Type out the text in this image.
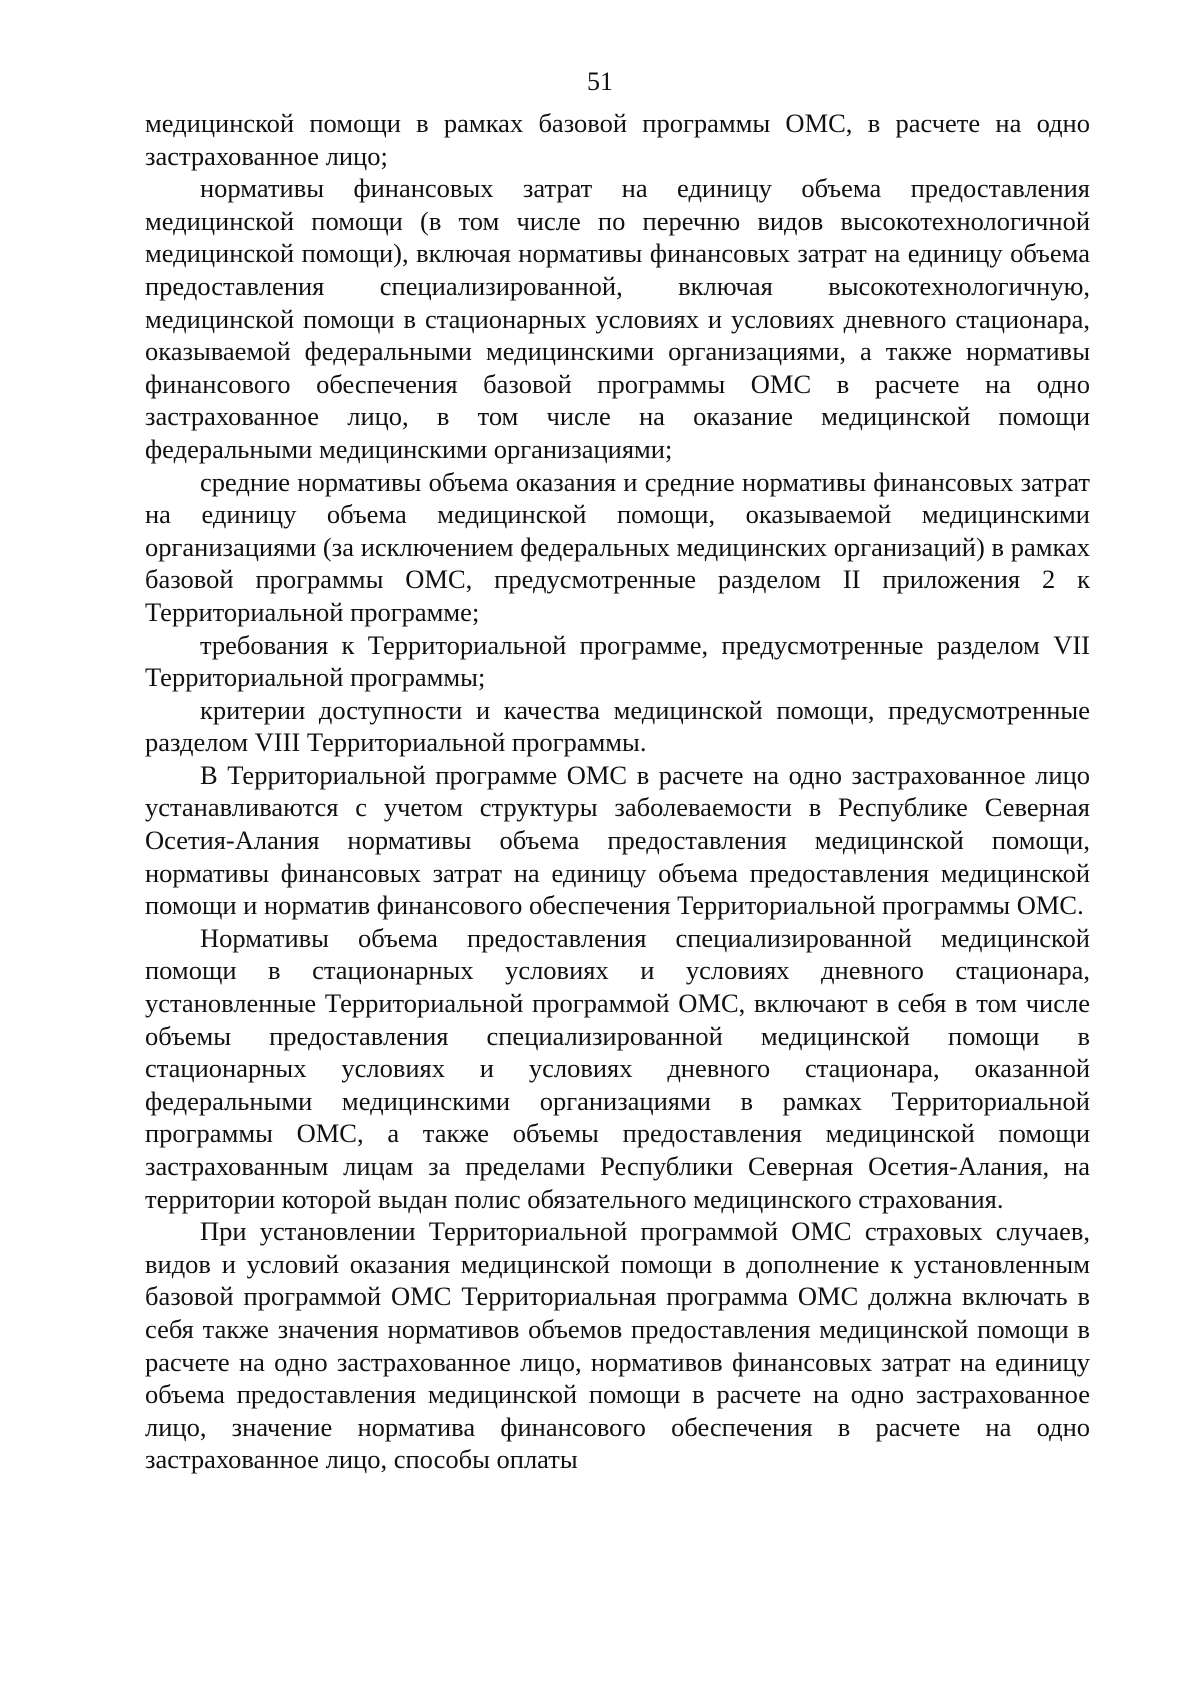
51

медицинской помощи в рамках базовой программы ОМС, в расчете на одно застрахованное лицо;

нормативы финансовых затрат на единицу объема предоставления медицинской помощи (в том числе по перечню видов высокотехнологичной медицинской помощи), включая нормативы финансовых затрат на единицу объема предоставления специализированной, включая высокотехнологичную, медицинской помощи в стационарных условиях и условиях дневного стационара, оказываемой федеральными медицинскими организациями, а также нормативы финансового обеспечения базовой программы ОМС в расчете на одно застрахованное лицо, в том числе на оказание медицинской помощи федеральными медицинскими организациями;

средние нормативы объема оказания и средние нормативы финансовых затрат на единицу объема медицинской помощи, оказываемой медицинскими организациями (за исключением федеральных медицинских организаций) в рамках базовой программы ОМС, предусмотренные разделом II приложения 2 к Территориальной программе;

требования к Территориальной программе, предусмотренные разделом VII Территориальной программы;

критерии доступности и качества медицинской помощи, предусмотренные разделом VIII Территориальной программы.

В Территориальной программе ОМС в расчете на одно застрахованное лицо устанавливаются с учетом структуры заболеваемости в Республике Северная Осетия-Алания нормативы объема предоставления медицинской помощи, нормативы финансовых затрат на единицу объема предоставления медицинской помощи и норматив финансового обеспечения Территориальной программы ОМС.

Нормативы объема предоставления специализированной медицинской помощи в стационарных условиях и условиях дневного стационара, установленные Территориальной программой ОМС, включают в себя в том числе объемы предоставления специализированной медицинской помощи в стационарных условиях и условиях дневного стационара, оказанной федеральными медицинскими организациями в рамках Территориальной программы ОМС, а также объемы предоставления медицинской помощи застрахованным лицам за пределами Республики Северная Осетия-Алания, на территории которой выдан полис обязательного медицинского страхования.

При установлении Территориальной программой ОМС страховых случаев, видов и условий оказания медицинской помощи в дополнение к установленным базовой программой ОМС Территориальная программа ОМС должна включать в себя также значения нормативов объемов предоставления медицинской помощи в расчете на одно застрахованное лицо, нормативов финансовых затрат на единицу объема предоставления медицинской помощи в расчете на одно застрахованное лицо, значение норматива финансового обеспечения в расчете на одно застрахованное лицо, способы оплаты
